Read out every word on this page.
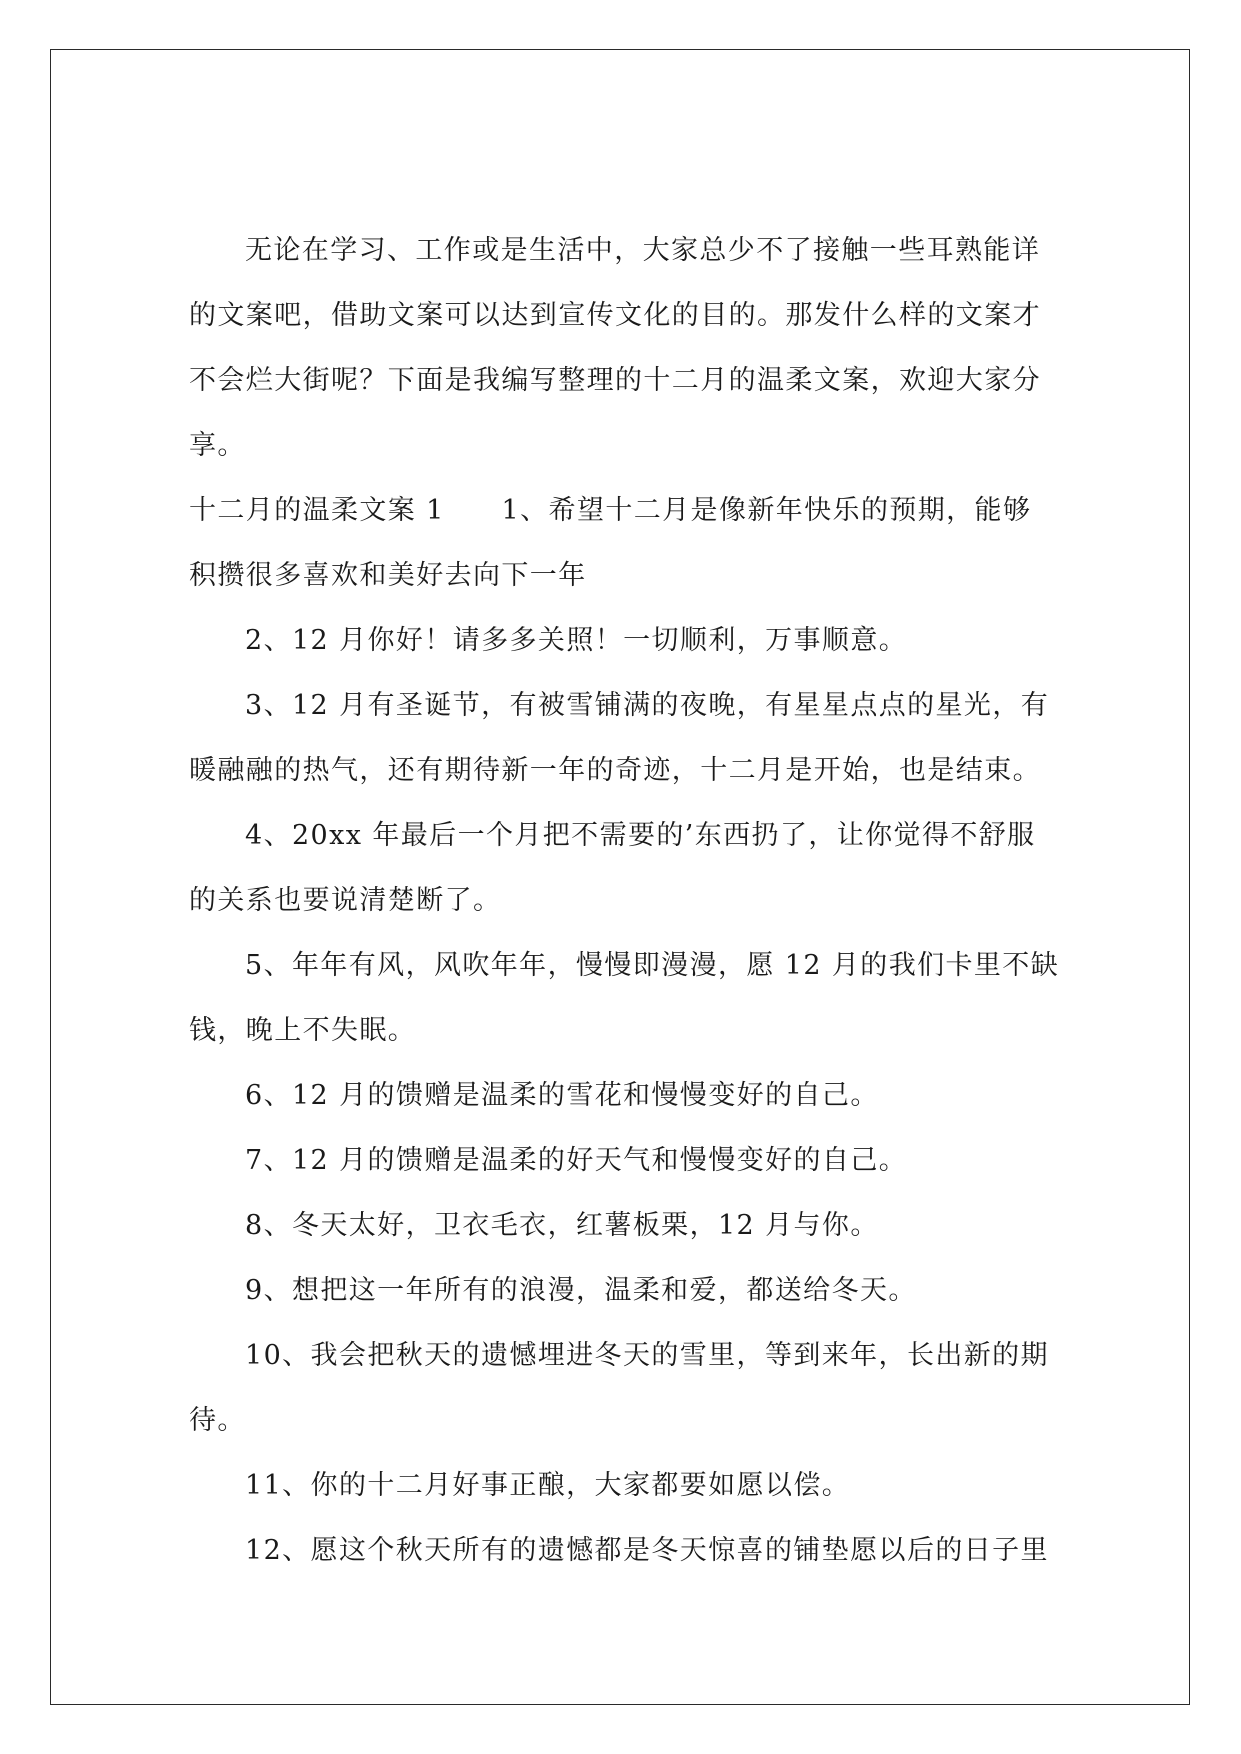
无论在学习、工作或是生活中，大家总少不了接触一些耳熟能详

的文案吧，借助文案可以达到宣传文化的目的。那发什么样的文案才

不会烂大街呢？下面是我编写整理的十二月的温柔文案，欢迎大家分

享。

十二月的温柔文案 1　　1、希望十二月是像新年快乐的预期，能够

积攒很多喜欢和美好去向下一年

2、12 月你好！请多多关照！一切顺利，万事顺意。

3、12 月有圣诞节，有被雪铺满的夜晚，有星星点点的星光，有

暖融融的热气，还有期待新一年的奇迹，十二月是开始，也是结束。

4、20xx 年最后一个月把不需要的’东西扔了，让你觉得不舒服

的关系也要说清楚断了。

5、年年有风，风吹年年，慢慢即漫漫，愿 12 月的我们卡里不缺

钱，晚上不失眠。

6、12 月的馈赠是温柔的雪花和慢慢变好的自己。

7、12 月的馈赠是温柔的好天气和慢慢变好的自己。

8、冬天太好，卫衣毛衣，红薯板栗，12 月与你。

9、想把这一年所有的浪漫，温柔和爱，都送给冬天。

10、我会把秋天的遗憾埋进冬天的雪里，等到来年，长出新的期

待。

11、你的十二月好事正酿，大家都要如愿以偿。

12、愿这个秋天所有的遗憾都是冬天惊喜的铺垫愿以后的日子里
